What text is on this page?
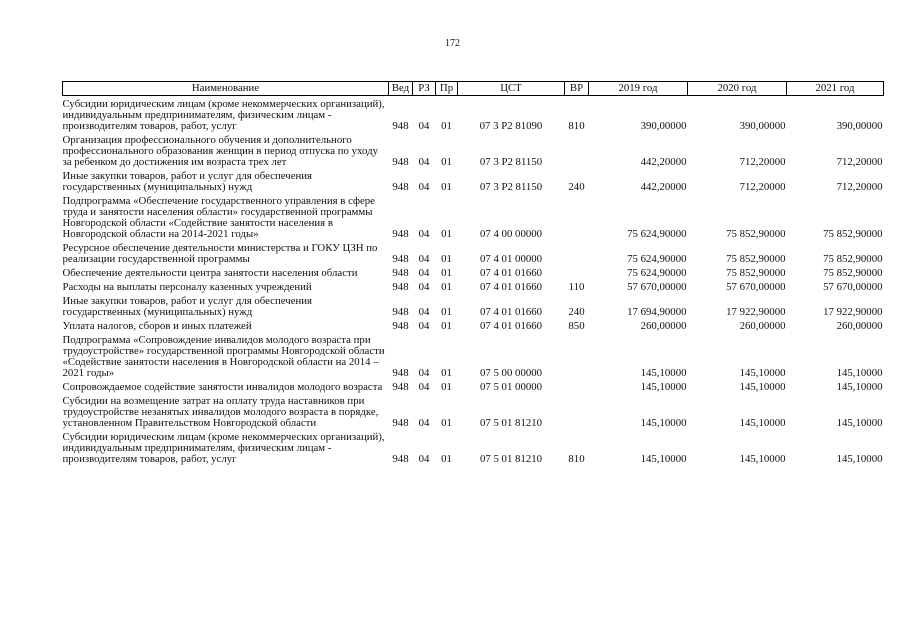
172
Наименование	Вед	РЗ	Пр	ЦСТ	ВР	2019 год	2020 год	2021 год
Субсидии юридическим лицам (кроме некоммерческих организаций), индивидуальным предпринимателям, физическим лицам - производителям товаров, работ, услуг	948	04	01	07 3 P2 81090	810	390,00000	390,00000	390,00000
Организация профессионального обучения и дополнительного профессионального образования женщин в период отпуска по уходу за ребенком до достижения им возраста трех лет	948	04	01	07 3 P2 81150		442,20000	712,20000	712,20000
Иные закупки товаров, работ и услуг для обеспечения государственных (муниципальных) нужд	948	04	01	07 3 P2 81150	240	442,20000	712,20000	712,20000
Подпрограмма «Обеспечение государственного управления в сфере труда и занятости населения области» государственной программы Новгородской области «Содействие занятости населения в Новгородской области на 2014-2021 годы»	948	04	01	07 4 00 00000		75 624,90000	75 852,90000	75 852,90000
Ресурсное обеспечение деятельности министерства и ГОКУ ЦЗН по реализации государственной программы	948	04	01	07 4 01 00000		75 624,90000	75 852,90000	75 852,90000
Обеспечение деятельности центра занятости населения области	948	04	01	07 4 01 01660		75 624,90000	75 852,90000	75 852,90000
Расходы на выплаты персоналу казенных учреждений	948	04	01	07 4 01 01660	110	57 670,00000	57 670,00000	57 670,00000
Иные закупки товаров, работ и услуг для обеспечения государственных (муниципальных) нужд	948	04	01	07 4 01 01660	240	17 694,90000	17 922,90000	17 922,90000
Уплата налогов, сборов и иных платежей	948	04	01	07 4 01 01660	850	260,00000	260,00000	260,00000
Подпрограмма «Сопровождение инвалидов молодого возраста при трудоустройстве» государственной программы Новгородской области «Содействие занятости населения в Новгородской области на 2014 – 2021 годы»	948	04	01	07 5 00 00000		145,10000	145,10000	145,10000
Сопровождаемое содействие занятости инвалидов молодого возраста	948	04	01	07 5 01 00000		145,10000	145,10000	145,10000
Субсидии на возмещение затрат на оплату труда наставников при трудоустройстве незанятых инвалидов молодого возраста в порядке, установленном Правительством Новгородской области	948	04	01	07 5 01 81210		145,10000	145,10000	145,10000
Субсидии юридическим лицам (кроме некоммерческих организаций), индивидуальным предпринимателям, физическим лицам - производителям товаров, работ, услуг	948	04	01	07 5 01 81210	810	145,10000	145,10000	145,10000
